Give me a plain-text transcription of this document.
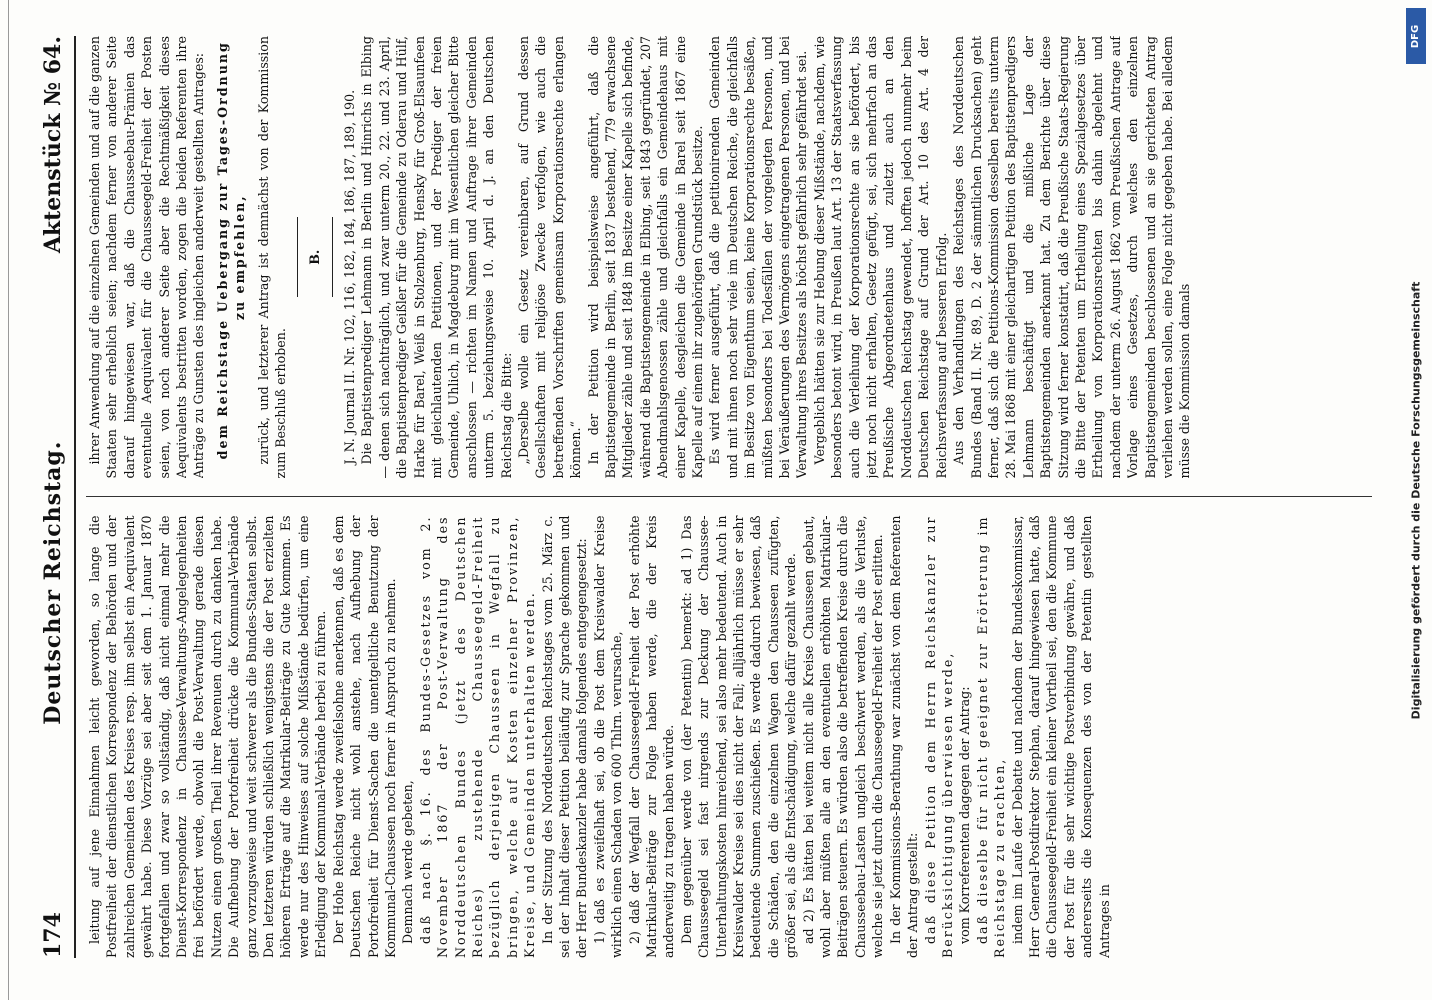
174
Deutscher Reichstag.
Aktenstück № 64.

leitung auf jene Einnahmen leicht geworden, so lange die Postfreiheit der dienstlichen Korrespondenz der Behörden und der zahlreichen Gemeinden des Kreises resp. ihm selbst ein Aequivalent gewährt habe. Diese Vorzüge sei aber seit dem 1. Januar 1870 fortgefallen und zwar so vollständig, daß nicht einmal mehr die Dienst-Korrespondenz in Chaussee-Verwaltungs-Angelegenheiten frei befördert werde, obwohl die Post-Verwaltung gerade diesen Nutzen einen großen Theil ihrer Revenuen durch zu danken habe. Die Aufhebung der Portofreiheit drücke die Kommunal-Verbände ganz vorzugsweise und weit schwerer als die Bundes-Staaten selbst. Den letzteren würden schließlich wenigstens die der Post erzielten höheren Erträge auf die Matrikular-Beiträge zu Gute kommen. Es werde nur des Hinweises auf solche Mißstände bedürfen, um eine Erledigung der Kommunal-Verbände herbei zu führen. Der Hohe Reichstag werde zweifelsohne anerkennen, daß es dem Deutschen Reiche nicht wohl anstehe, nach Aufhebung der Portofreiheit für Dienst-Sachen die unentgeltliche Benutzung der Kommunal-Chausseen noch ferner in Anspruch zu nehmen. Demnach werde gebeten, daß nach §. 16. des Bundes-Gesetzes vom 2. November 1867 der Post-Verwaltung des Norddeutschen Bundes (jetzt des Deutschen Reiches) zustehende Chausseegeld-Freiheit bezüglich derjenigen Chausseen in Wegfall zu bringen, welche auf Kosten einzelner Provinzen, Kreise, und Gemeinden unterhalten werden. In der Sitzung des Norddeutschen Reichstages vom 25. März c. sei der Inhalt dieser Petition beiläufig zur Sprache gekommen und der Herr Bundeskanzler habe damals folgendes entgegengesetzt: 1) daß es zweifelhaft sei, ob die Post dem Kreiswalder Kreise wirklich einen Schaden von 600 Thlrn. verursache, 2) daß der Wegfall der Chausseegeld-Freiheit der Post erhöhte Matrikular-Beiträge zur Folge haben werde, die der Kreis anderweitig zu tragen haben würde. Dem gegenüber werde von (der Petentin) bemerkt: ad 1) Das Chausseegeld sei fast nirgends zur Deckung der Chaussee-Unterhaltungskosten hinreichend, sei also mehr bedeutend. Auch in Kreiswalder Kreise sei dies nicht der Fall; alljährlich müsse er sehr bedeutende Summen zuschießen. Es werde dadurch bewiesen, daß die Schäden, den die einzelnen Wagen den Chausseen zufügten, größer sei, als die Entschädigung, welche dafür gezahlt werde. ad 2) Es hätten bei weitem nicht alle Kreise Chausseen gebaut, wohl aber müßten alle an den eventuellen erhöhten Matrikular-Beiträgen steuern. Es würden also die betreffenden Kreise durch die Chausseebau-Lasten ungleich beschwert werden, als die Verluste, welche sie jetzt durch die Chausseegeld-Freiheit der Post erlitten. In der Kommissions-Berathung war zunächst von dem Referenten der Antrag gestellt: daß diese Petition dem Herrn Reichskanzler zur Berücksichtigung überwiesen werde, vom Korreferenten dagegen der Antrag: daß dieselbe für nicht geeignet zur Erörterung im Reichstage zu erachten, indem im Laufe der Debatte und nachdem der Bundeskommissar, Herr General-Postdirektor Stephan, darauf hingewiesen hatte, daß die Chausseegeld-Freiheit ein kleiner Vortheil sei, den die Kommune der Post für die sehr wichtige Postverbindung gewähre, und daß andererseits die Konsequenzen des von der Petentin gestellten Antrages in

ihrer Anwendung auf die einzelnen Gemeinden und auf die ganzen Staaten sehr erheblich seien; nachdem ferner von anderer Seite darauf hingewiesen war, daß die Chausseebau-Prämien das eventuelle Aequivalent für die Chausseegeld-Freiheit der Posten seien, von noch anderer Seite aber die Rechtmäßigkeit dieses Aequivalents bestritten worden, zogen die beiden Referenten ihre Anträge zu Gunsten des ingleichen anderweit gestellten Antrages: dem Reichstage Uebergang zur Tages-Ordnung zu empfehlen, zurück, und letzterer Antrag ist demnächst von der Kommission zum Beschluß erhoben.

B. J. N. Journal II. Nr. 102, 116, 182, 184, 186, 187, 189, 190. Die Baptistenprediger Lehmann in Berlin und Hinrichs in Elbing — denen sich nachträglich, und zwar unterm 20., 22. und 23. April, die Baptistenprediger Geißler für die Gemeinde zu Oderau und Hülf, Harke für Barel, Weiß in Stolzenburg, Hensky für Groß-Elsaunfeen mit gleichlautenden Petitionen, und der Prediger der freien Gemeinde, Uhlich, in Magdeburg mit im Wesentlichen gleicher Bitte anschlossen — richten im Namen und Auftrage ihrer Gemeinden unterm 5. beziehungsweise 10. April d. J. an den Deutschen Reichstag die Bitte: „Derselbe wolle ein Gesetz vereinbaren, auf Grund dessen Gesellschaften mit religiöse Zwecke verfolgen, wie auch die betreffenden Vorschriften gemeinsam Korporationsrechte erlangen können.“ In der Petition wird beispielsweise angeführt, daß die Baptistengemeinde in Berlin, seit 1837 bestehend, 779 erwachsene Mitglieder zähle und seit 1848 im Besitze einer Kapelle sich befinde, während die Baptistengemeinde in Elbing, seit 1843 gegründet, 207 Abendmahlsgenossen zähle und gleichfalls ein Gemeindehaus mit einer Kapelle, desgleichen die Gemeinde in Barel seit 1867 eine Kapelle auf einem ihr zugehörigen Grundstück besitze. Es wird ferner ausgeführt, daß die petitionirenden Gemeinden und mit ihnen noch sehr viele im Deutschen Reiche, die gleichfalls im Besitze von Eigenthum seien, keine Korporationsrechte besäßen, müßten besonders bei Todesfällen der vorgelegten Personen, und bei Veräußerungen des Vermögens eingetragenen Personen, und bei Verwaltung ihres Besitzes als höchst gefährlich sehr gefährdet sei. Vergeblich hätten sie zur Hebung dieser Mißstände, nachdem, wie besonders betont wird, in Preußen laut Art. 13 der Staatsverfassung auch die Verleihung der Korporationsrechte an sie befördert, bis jetzt noch nicht erhalten, Gesetz gefügt, sei, sich mehrfach an das Preußische Abgeordnetenhaus und zuletzt auch an den Norddeutschen Reichstag gewendet, hofften jedoch nunmehr beim Deutschen Reichstage auf Grund der Art. 10 des Art. 4 der Reichsverfassung auf besseren Erfolg. Aus den Verhandlungen des Reichstages des Norddeutschen Bundes (Band II. Nr. 89, D. 2 der sämmtlichen Drucksachen) geht ferner, daß sich die Petitions-Kommission desselben bereits unterm 28. Mai 1868 mit einer gleichartigen Petition des Baptistenpredigers Lehmann beschäftigt und die mißliche Lage der Baptistengemeinden anerkannt hat. Zu dem Berichte über diese Sitzung wird ferner konstatirt, daß die Preußische Staats-Regierung die Bitte der Petenten um Ertheilung eines Spezialgesetzes über Ertheilung von Korporationsrechten bis dahin abgelehnt und nachdem der unterm 26. August 1862 vom Preußischen Antrage auf Vorlage eines Gesetzes, durch welches den einzelnen Baptistengemeinden beschlossenen und an sie gerichteten Antrag verliehen werden sollen, eine Folge nicht gegeben habe. Bei alledem müsse die Kommission damals

DFG
Digitalisierung gefördert durch die Deutsche Forschungsgemeinschaft
